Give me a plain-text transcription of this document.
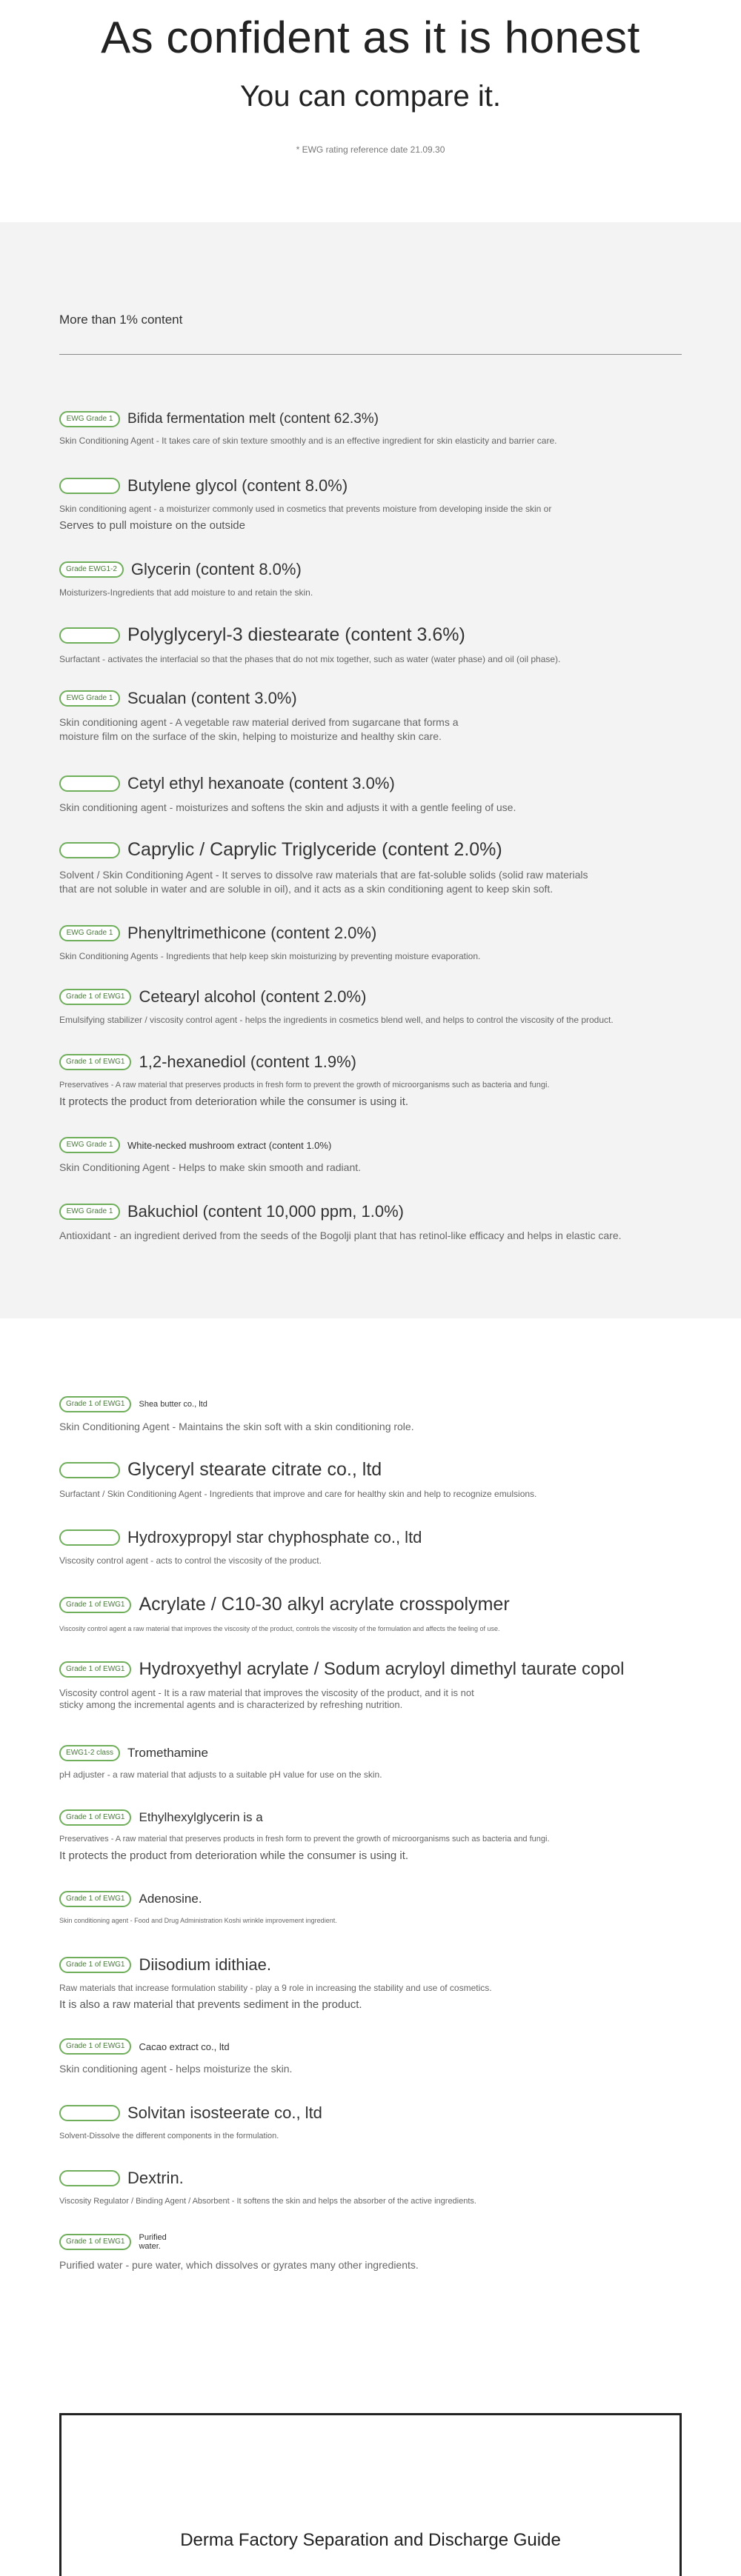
As confident as it is honest
You can compare it.
* EWG rating reference date 21.09.30
More than 1% content
EWG Grade 1	Bifida fermentation melt (content 62.3%)
Skin Conditioning Agent - It takes care of skin texture smoothly and is an effective ingredient for skin elasticity and barrier care.
Butylene glycol (content 8.0%)
Skin conditioning agent - a moisturizer commonly used in cosmetics that prevents moisture from developing inside the skin or
Serves to pull moisture on the outside
Grade EWG1-2 Glycerin (content 8.0%)
Moisturizers-Ingredients that add moisture to and retain the skin.
Polyglyceryl-3 diestearate (content 3.6%)
Surfactant - activates the interfacial so that the phases that do not mix together, such as water (water phase) and oil (oil phase).
EWG Grade 1 Scualan (content 3.0%)
Skin conditioning agent - A vegetable raw material derived from sugarcane that forms a moisture film on the surface of the skin, helping to moisturize and healthy skin care.
Cetyl ethyl hexanoate (content 3.0%)
Skin conditioning agent - moisturizes and softens the skin and adjusts it with a gentle feeling of use.
Caprylic / Caprylic Triglyceride (content 2.0%)
Solvent / Skin Conditioning Agent - It serves to dissolve raw materials that are fat-soluble solids (solid raw materials that are not soluble in water and are soluble in oil), and it acts as a skin conditioning agent to keep skin soft.
EWG Grade 1 Phenyltrimethicone (content 2.0%)
Skin Conditioning Agents - Ingredients that help keep skin moisturizing by preventing moisture evaporation.
Grade 1 of EWG1 Cetearyl alcohol (content 2.0%)
Emulsifying stabilizer / viscosity control agent - helps the ingredients in cosmetics blend well, and helps to control the viscosity of the product.
Grade 1 of EWG1 1,2-hexanediol (content 1.9%)
Preservatives - A raw material that preserves products in fresh form to prevent the growth of microorganisms such as bacteria and fungi.
It protects the product from deterioration while the consumer is using it.
EWG Grade 1	White-necked mushroom extract (content 1.0%)
Skin Conditioning Agent - Helps to make skin smooth and radiant.
EWG Grade 1 Bakuchiol (content 10,000 ppm, 1.0%)
Antioxidant - an ingredient derived from the seeds of the Bogolji plant that has retinol-like efficacy and helps in elastic care.
Grade 1 of EWG1	Shea butter co., ltd
Skin Conditioning Agent - Maintains the skin soft with a skin conditioning role.
Glyceryl stearate citrate co., ltd
Surfactant / Skin Conditioning Agent - Ingredients that improve and care for healthy skin and help to recognize emulsions.
Hydroxypropyl star chyphosphate co., ltd
Viscosity control agent - acts to control the viscosity of the product.
Grade 1 of EWG1 Acrylate / C10-30 alkyl acrylate crosspolymer
Viscosity control agent a raw material that improves the viscosity of the product, controls the viscosity of the formulation and affects the feeling of use.
Grade 1 of EWG1 Hydroxyethyl acrylate / Sodum acryloyl dimethyl taurate copol
Viscosity control agent - It is a raw material that improves the viscosity of the product, and it is not sticky among the incremental agents and is characterized by refreshing nutrition.
EWG1-2 class	Tromethamine
pH adjuster - a raw material that adjusts to a suitable pH value for use on the skin.
Grade 1 of EWG1	Ethylhexylglycerin is a
Preservatives - A raw material that preserves products in fresh form to prevent the growth of microorganisms such as bacteria and fungi.
It protects the product from deterioration while the consumer is using it.
Grade 1 of EWG1	Adenosine.
Skin conditioning agent - Food and Drug Administration Koshi wrinkle improvement ingredient.
Grade 1 of EWG1 Diisodium idithiae.
Raw materials that increase formulation stability - play a 9 role in increasing the stability and use of cosmetics.
It is also a raw material that prevents sediment in the product.
Grade 1 of EWG1	Cacao extract co., ltd
Skin conditioning agent - helps moisturize the skin.
Solvitan isosteerate co., ltd
Solvent-Dissolve the different components in the formulation.
Dextrin.
Viscosity Regulator / Binding Agent / Absorbent - It softens the skin and helps the absorber of the active ingredients.
Grade 1 of EWG1	Purified water.
Purified water - pure water, which dissolves or gyrates many other ingredients.
Derma Factory Separation and Discharge Guide
